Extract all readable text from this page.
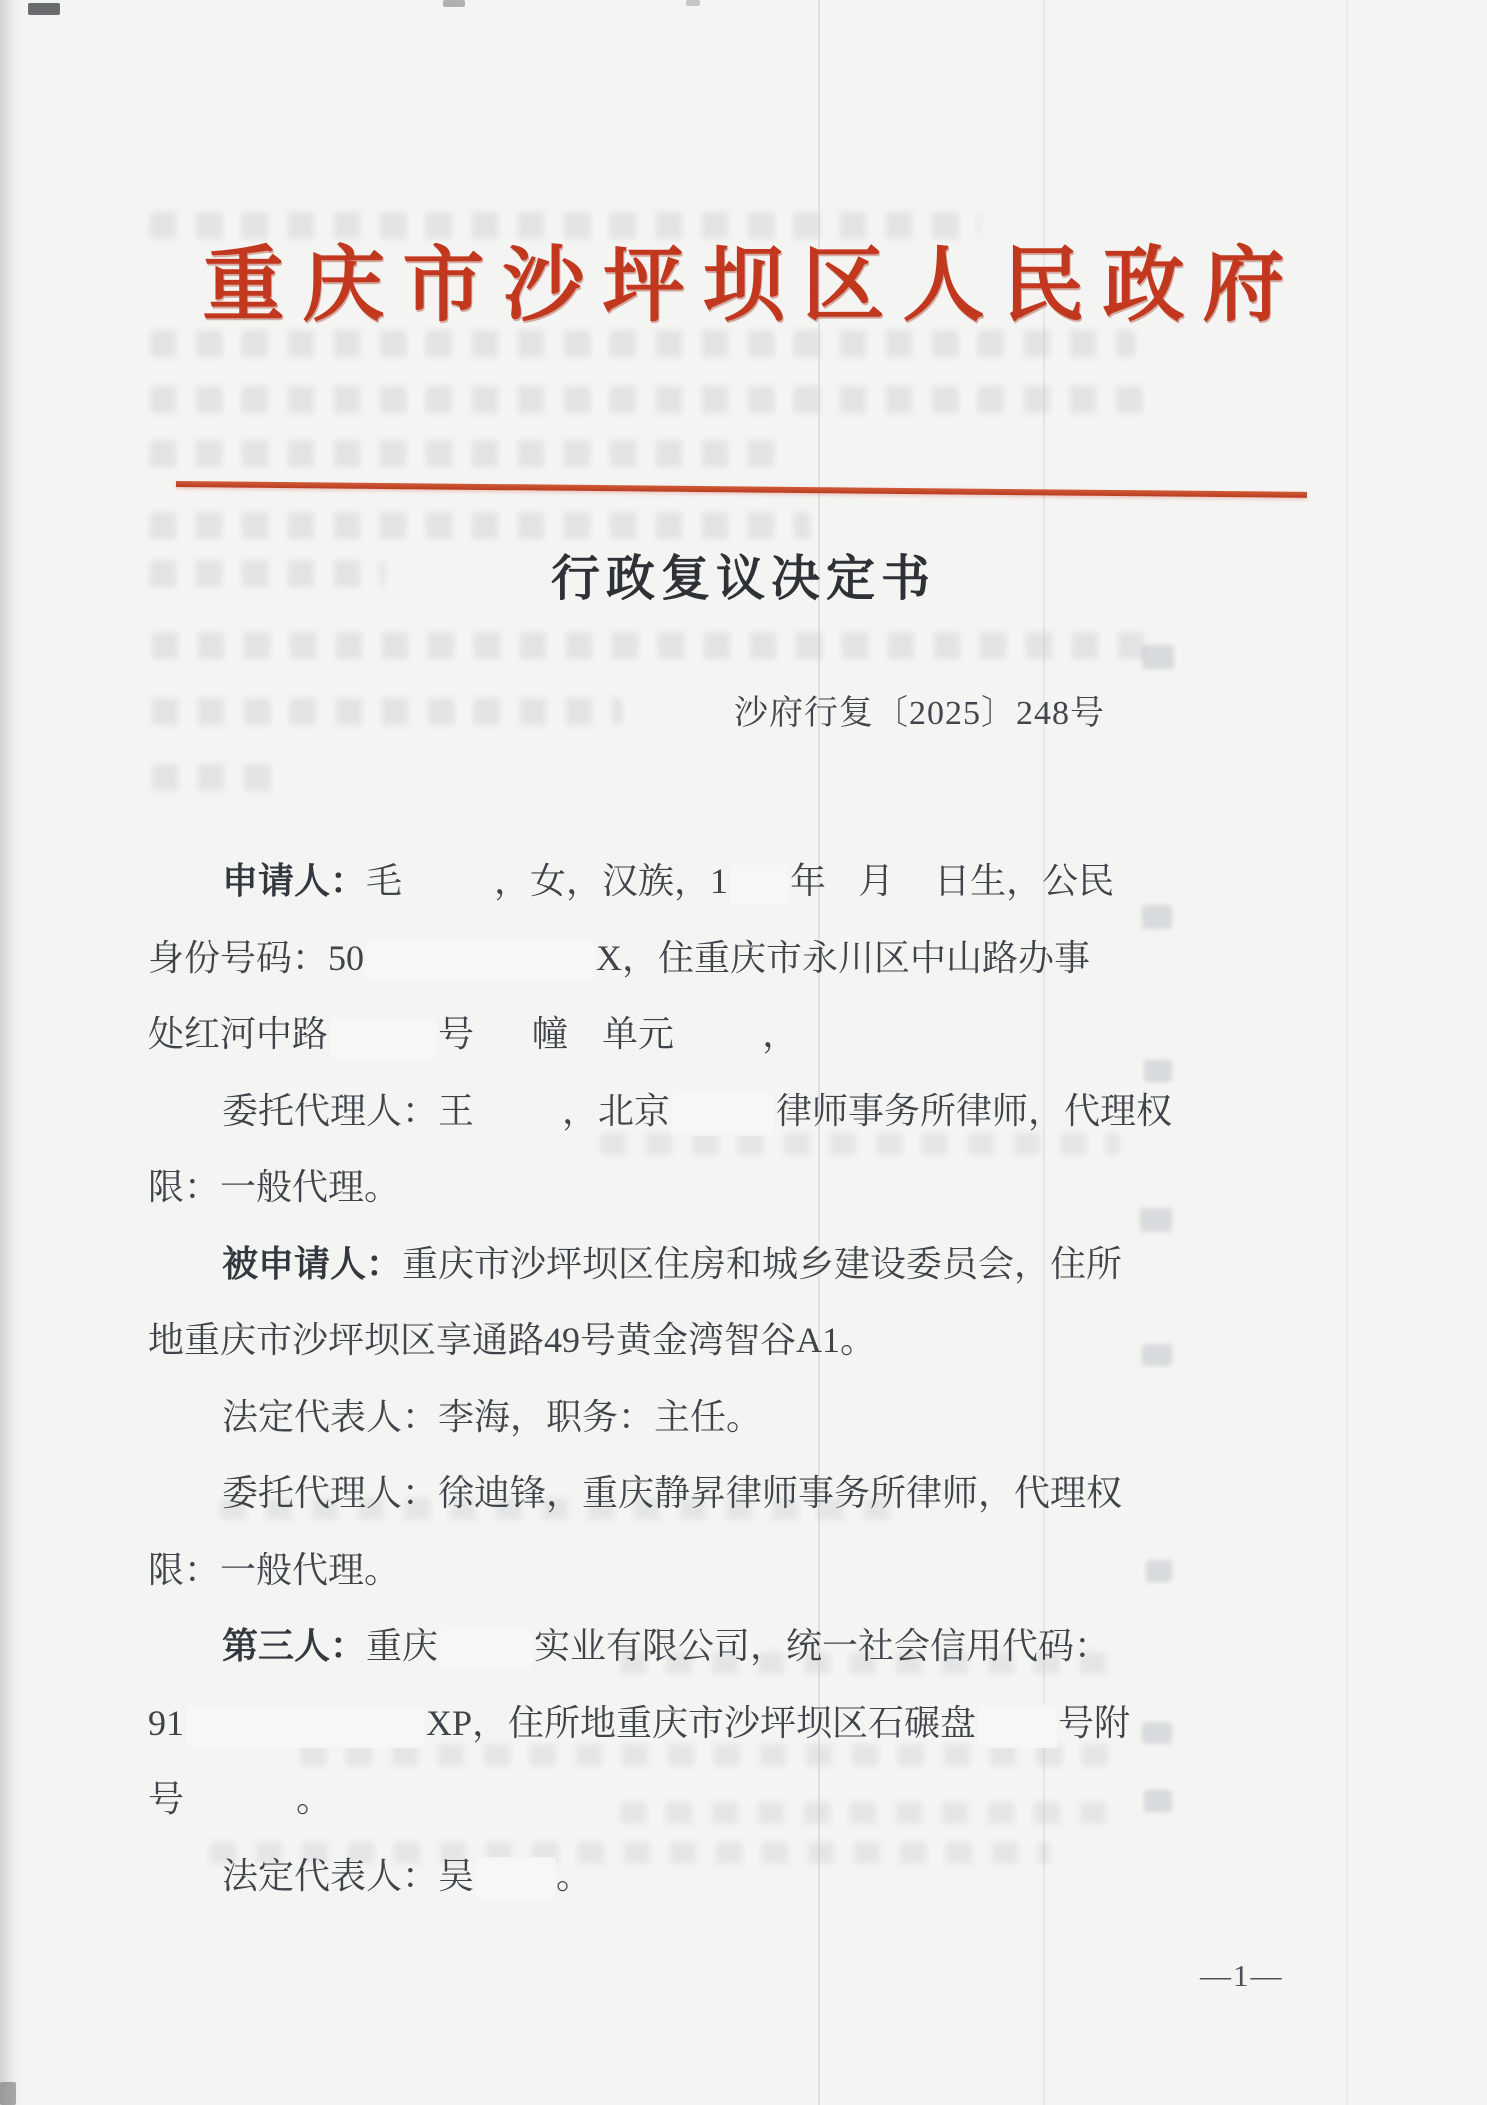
重庆市沙坪坝区人民政府
行政复议决定书
沙府行复〔2025〕248号
申请人：毛	，女，汉族，1 年 月 日生，公民
身份号码：50	X，住重庆市永川区中山路办事
处红河中路	号 幢 单元 ，
委托代理人：王 ，北京	律师事务所律师，代理权
限：一般代理。
被申请人：重庆市沙坪坝区住房和城乡建设委员会，住所
地重庆市沙坪坝区享通路49号黄金湾智谷A1。
法定代表人：李海，职务：主任。
委托代理人：徐迪锋，重庆静昇律师事务所律师，代理权
限：一般代理。
第三人：重庆	实业有限公司，统一社会信用代码：
91	XP，住所地重庆市沙坪坝区石碾盘 号附
号	。
法定代表人：吴 。
—1—
